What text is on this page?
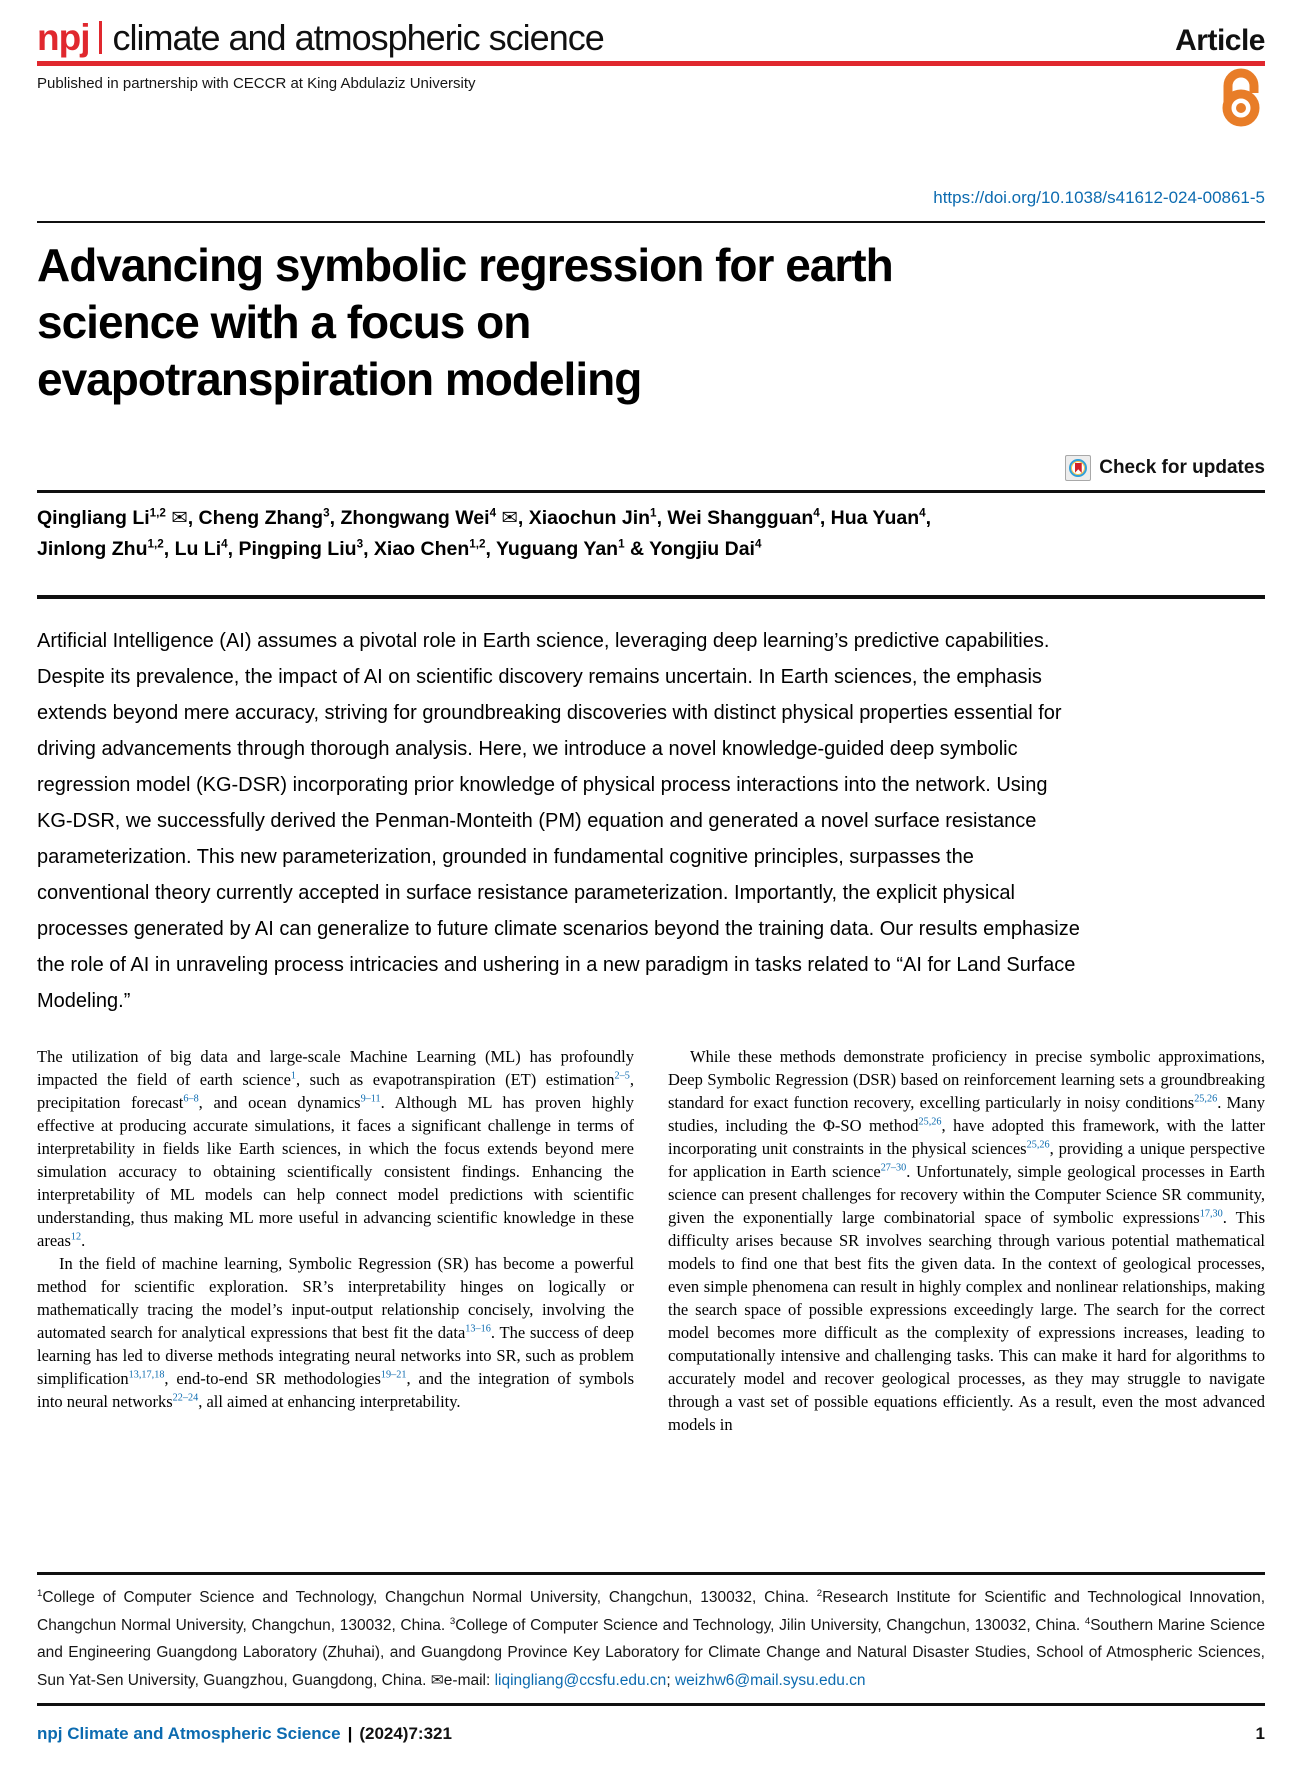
npj climate and atmospheric science	Article
Published in partnership with CECCR at King Abdulaziz University
https://doi.org/10.1038/s41612-024-00861-5
Advancing symbolic regression for earth
science with a focus on
evapotranspiration modeling
Check for updates
Qingliang Li$^{1,2}$ ✉, Cheng Zhang$^3$, Zhongwang Wei$^4$ ✉, Xiaochun Jin$^1$, Wei Shangguan$^4$, Hua Yuan$^4$,
Jinlong Zhu$^{1,2}$, Lu Li$^4$, Pingping Liu$^3$, Xiao Chen$^{1,2}$, Yuguang Yan$^1$ & Yongjiu Dai$^4$
Artificial Intelligence (AI) assumes a pivotal role in Earth science, leveraging deep learning’s predictive capabilities. Despite its prevalence, the impact of AI on scientific discovery remains uncertain. In Earth sciences, the emphasis extends beyond mere accuracy, striving for groundbreaking discoveries with distinct physical properties essential for driving advancements through thorough analysis. Here, we introduce a novel knowledge-guided deep symbolic regression model (KG-DSR) incorporating prior knowledge of physical process interactions into the network. Using KG-DSR, we successfully derived the Penman-Monteith (PM) equation and generated a novel surface resistance parameterization. This new parameterization, grounded in fundamental cognitive principles, surpasses the conventional theory currently accepted in surface resistance parameterization. Importantly, the explicit physical processes generated by AI can generalize to future climate scenarios beyond the training data. Our results emphasize the role of AI in unraveling process intricacies and ushering in a new paradigm in tasks related to “AI for Land Surface Modeling.”

The utilization of big data and large-scale Machine Learning (ML) has profoundly impacted the field of earth science$^1$, such as evapotranspiration (ET) estimation$^{2-5}$, precipitation forecast$^{6-8}$, and ocean dynamics$^{9-11}$. Although ML has proven highly effective at producing accurate simulations, it faces a significant challenge in terms of interpretability in fields like Earth sciences, in which the focus extends beyond mere simulation accuracy to obtaining scientifically consistent findings. Enhancing the interpretability of ML models can help connect model predictions with scientific understanding, thus making ML more useful in advancing scientific knowledge in these areas$^{12}$.

In the field of machine learning, Symbolic Regression (SR) has become a powerful method for scientific exploration. SR’s interpretability hinges on logically or mathematically tracing the model’s input-output relationship concisely, involving the automated search for analytical expressions that best fit the data$^{13-16}$. The success of deep learning has led to diverse methods integrating neural networks into SR, such as problem simplification$^{13,17,18}$, end-to-end SR methodologies$^{19-21}$, and the integration of symbols into neural networks$^{22-24}$, all aimed at enhancing interpretability.

While these methods demonstrate proficiency in precise symbolic approximations, Deep Symbolic Regression (DSR) based on reinforcement learning sets a groundbreaking standard for exact function recovery, excelling particularly in noisy conditions$^{25,26}$. Many studies, including the Φ-SO method$^{25,26}$, have adopted this framework, with the latter incorporating unit constraints in the physical sciences$^{25,26}$, providing a unique perspective for application in Earth science$^{27-30}$. Unfortunately, simple geological processes in Earth science can present challenges for recovery within the Computer Science SR community, given the exponentially large combinatorial space of symbolic expressions$^{17,30}$. This difficulty arises because SR involves searching through various potential mathematical models to find one that best fits the given data. In the context of geological processes, even simple phenomena can result in highly complex and nonlinear relationships, making the search space of possible expressions exceedingly large. The search for the correct model becomes more difficult as the complexity of expressions increases, leading to computationally intensive and challenging tasks. This can make it hard for algorithms to accurately model and recover geological processes, as they may struggle to navigate through a vast set of possible equations efficiently. As a result, even the most advanced models in

$^1$College of Computer Science and Technology, Changchun Normal University, Changchun, 130032, China. $^2$Research Institute for Scientific and Technological Innovation, Changchun Normal University, Changchun, 130032, China. $^3$College of Computer Science and Technology, Jilin University, Changchun, 130032, China. $^4$Southern Marine Science and Engineering Guangdong Laboratory (Zhuhai), and Guangdong Province Key Laboratory for Climate Change and Natural Disaster Studies, School of Atmospheric Sciences, Sun Yat-Sen University, Guangzhou, Guangdong, China. ✉e-mail: liqingliang@ccsfu.edu.cn; weizhw6@mail.sysu.edu.cn
npj Climate and Atmospheric Science | (2024)7:321	1
